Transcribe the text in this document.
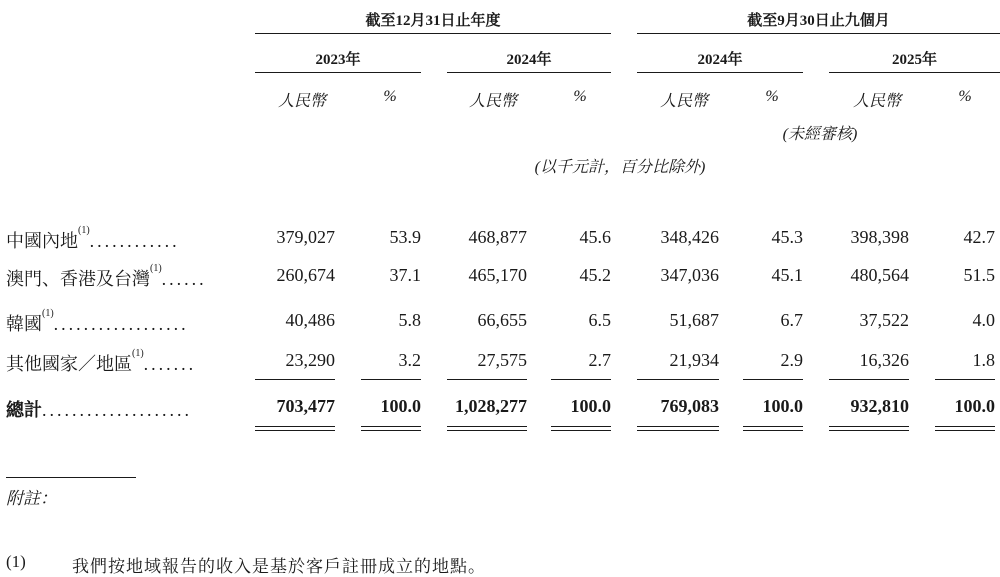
截至12月31日止年度	截至9月30日止九個月
2023年	2024年	2024年	2025年
人民幣	%	人民幣	%	人民幣	%	人民幣	%
(未經審核)
(以千元計，百分比除外)
中國內地$^{(1)}$............	379,027	53.9	468,877	45.6	348,426	45.3	398,398	42.7
澳門、香港及台灣$^{(1)}$......	260,674	37.1	465,170	45.2	347,036	45.1	480,564	51.5
韓國$^{(1)}$..................	40,486	5.8	66,655	6.5	51,687	6.7	37,522	4.0
其他國家／地區$^{(1)}$.......	23,290	3.2	27,575	2.7	21,934	2.9	16,326	1.8
總計....................	703,477	100.0	1,028,277	100.0	769,083	100.0	932,810	100.0
附註：
(1)	我們按地域報告的收入是基於客戶註冊成立的地點。
